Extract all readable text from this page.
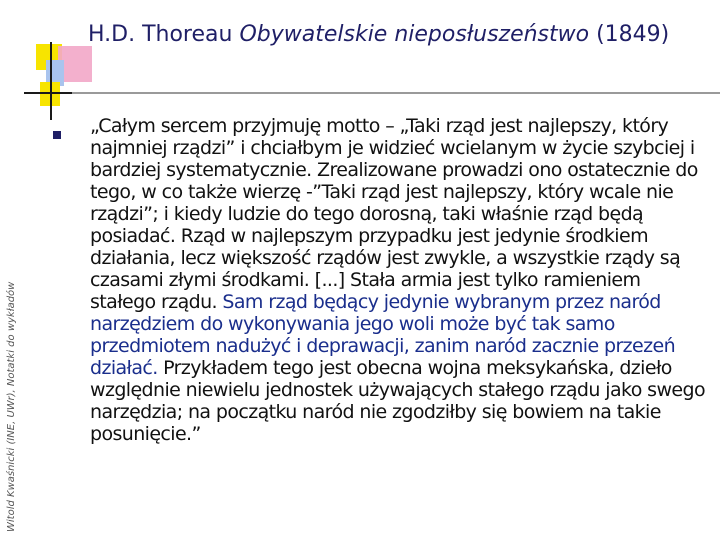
H.D. Thoreau Obywatelskie nieposłuszeństwo (1849)
Witold Kwaśnicki (INE, UWr), Notatki do wykładów
„Całym sercem przyjmuję motto – „Taki rząd jest najlepszy, który najmniej rządzi” i chciałbym je widzieć wcielanym w życie szybciej i bardziej systematycznie. Zrealizowane prowadzi ono ostatecznie do tego, w co także wierzę -”Taki rząd jest najlepszy, który wcale nie rządzi”; i kiedy ludzie do tego dorosną, taki właśnie rząd będą posiadać. Rząd w najlepszym przypadku jest jedynie środkiem działania, lecz większość rządów jest zwykle, a wszystkie rządy są czasami złymi środkami. [...] Stała armia jest tylko ramieniem stałego rządu. Sam rząd będący jedynie wybranym przez naród narzędziem do wykonywania jego woli może być tak samo przedmiotem nadużyć i deprawacji, zanim naród zacznie przezeń działać. Przykładem tego jest obecna wojna meksykańska, dzieło względnie niewielu jednostek używających stałego rządu jako swego narzędzia; na początku naród nie zgodziłby się bowiem na takie posunięcie.”
